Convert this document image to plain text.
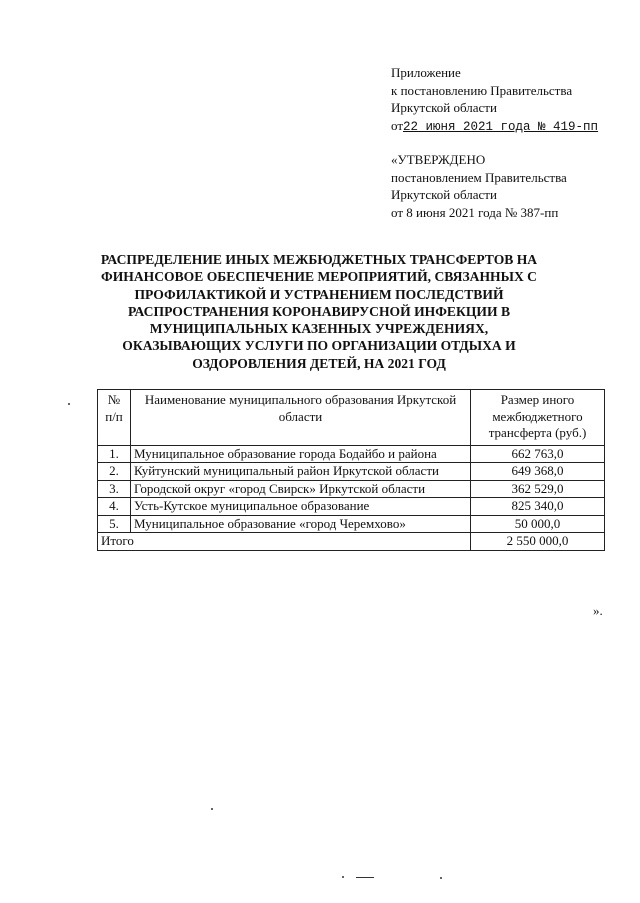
Приложение
к постановлению Правительства
Иркутской области
от22 июня 2021 года № 419-пп
«УТВЕРЖДЕНО
постановлением Правительства
Иркутской области
от 8 июня 2021 года № 387-пп
РАСПРЕДЕЛЕНИЕ ИНЫХ МЕЖБЮДЖЕТНЫХ ТРАНСФЕРТОВ НА ФИНАНСОВОЕ ОБЕСПЕЧЕНИЕ МЕРОПРИЯТИЙ, СВЯЗАННЫХ С ПРОФИЛАКТИКОЙ И УСТРАНЕНИЕМ ПОСЛЕДСТВИЙ РАСПРОСТРАНЕНИЯ КОРОНАВИРУСНОЙ ИНФЕКЦИИ В МУНИЦИПАЛЬНЫХ КАЗЕННЫХ УЧРЕЖДЕНИЯХ, ОКАЗЫВАЮЩИХ УСЛУГИ ПО ОРГАНИЗАЦИИ ОТДЫХА И ОЗДОРОВЛЕНИЯ ДЕТЕЙ, НА 2021 ГОД
№ п/п	Наименование муниципального образования Иркутской области	Размер иного межбюджетного трансферта (руб.)
1.	Муниципальное образование города Бодайбо и района	662 763,0
2.	Куйтунский муниципальный район Иркутской области	649 368,0
3.	Городской округ «город Свирск» Иркутской области	362 529,0
4.	Усть-Кутское муниципальное образование	825 340,0
5.	Муниципальное образование «город Черемхово»	50 000,0
Итого		2 550 000,0
».
